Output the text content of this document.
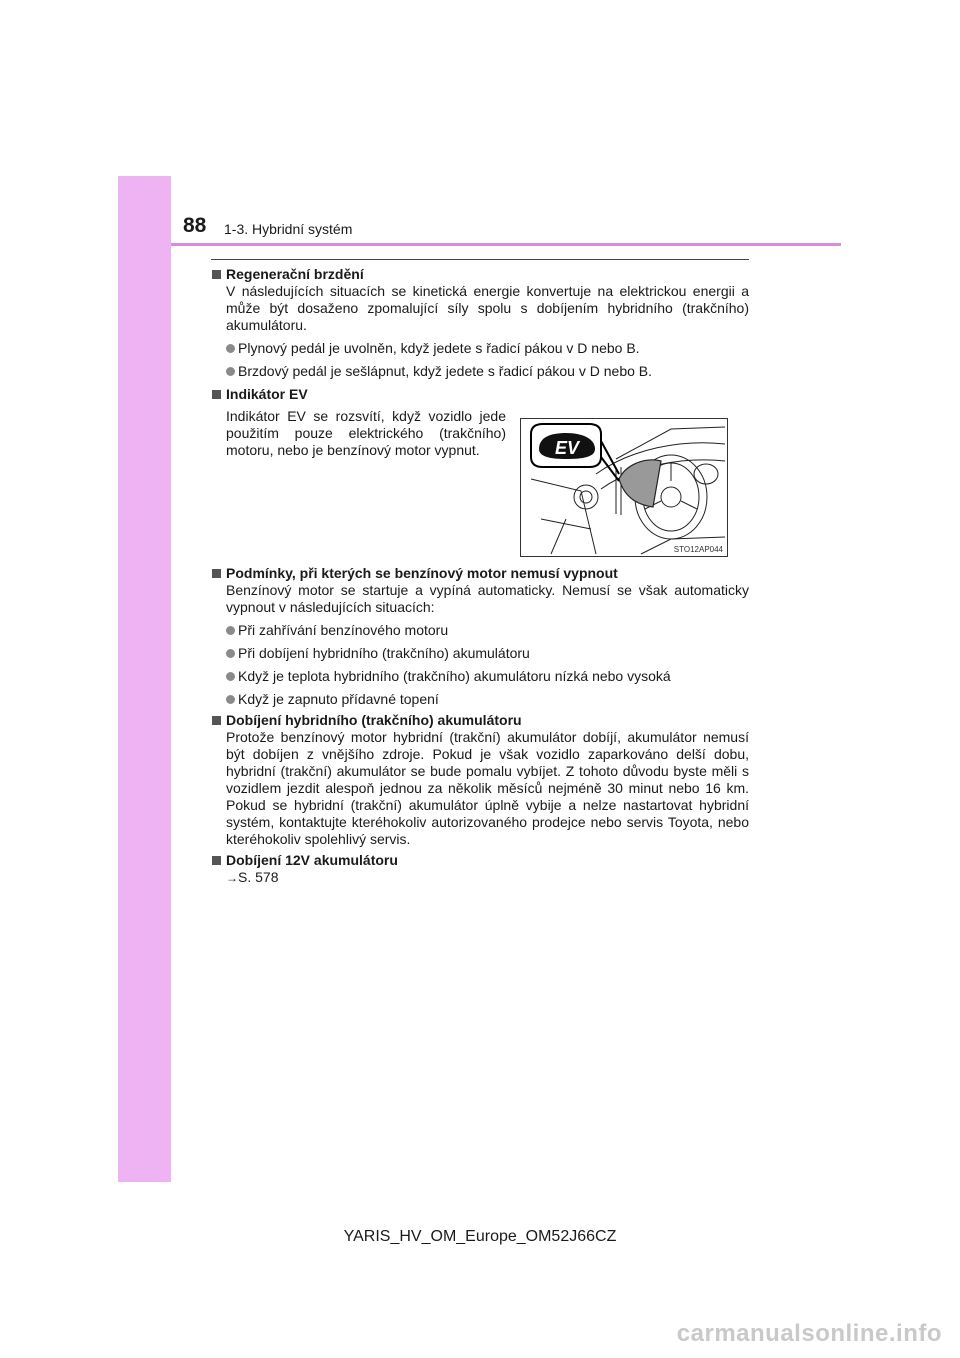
88 1-3. Hybridní systém
Regenerační brzdění
V následujících situacích se kinetická energie konvertuje na elektrickou energii a může být dosaženo zpomalující síly spolu s dobíjením hybridního (trakčního) akumulátoru.
Plynový pedál je uvolněn, když jedete s řadicí pákou v D nebo B.
Brzdový pedál je sešlápnut, když jedete s řadicí pákou v D nebo B.
Indikátor EV
Indikátor EV se rozsvítí, když vozidlo jede použitím pouze elektrického (trakčního) motoru, nebo je benzínový motor vypnut.
Podmínky, při kterých se benzínový motor nemusí vypnout
Benzínový motor se startuje a vypíná automaticky. Nemusí se však automaticky vypnout v následujících situacích:
Při zahřívání benzínového motoru
Při dobíjení hybridního (trakčního) akumulátoru
Když je teplota hybridního (trakčního) akumulátoru nízká nebo vysoká
Když je zapnuto přídavné topení
Dobíjení hybridního (trakčního) akumulátoru
Protože benzínový motor hybridní (trakční) akumulátor dobíjí, akumulátor nemusí být dobíjen z vnějšího zdroje. Pokud je však vozidlo zaparkováno delší dobu, hybridní (trakční) akumulátor se bude pomalu vybíjet. Z tohoto důvodu byste měli s vozidlem jezdit alespoň jednou za několik měsíců nejméně 30 minut nebo 16 km. Pokud se hybridní (trakční) akumulátor úplně vybije a nelze nastartovat hybridní systém, kontaktujte kteréhokoliv autorizovaného prodejce nebo servis Toyota, nebo kteréhokoliv spolehlivý servis.
Dobíjení 12V akumulátoru
→S. 578
EV
STO12AP044
YARIS_HV_OM_Europe_OM52J66CZ
carmanualsonline.info
